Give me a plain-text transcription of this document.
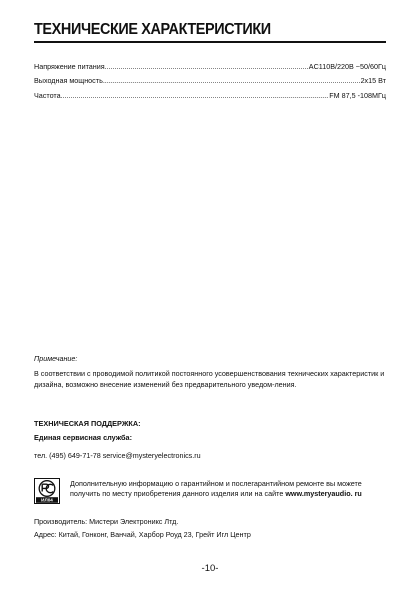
ТЕХНИЧЕСКИЕ ХАРАКТЕРИСТИКИ
Напряжение питания .....	AC110B/220B ~50/60Гц
Выходная мощность .....	2х15 Вт
Частота .....	FM 87,5 -108МГц
Примечание:
В соответствии с проводимой политикой постоянного усовершенствования технических характеристик и дизайна, возможно внесение изменений без предварительного уведом-ления.
ТЕХНИЧЕСКАЯ ПОДДЕРЖКА:
Единая сервисная служба:
тел. (495) 649-71-78 service@mysteryelectronics.ru
ИЛ04
Дополнительную информацию о гарантийном и послегарантийном ремонте вы можете получить по месту приобретения данного изделия или на сайте www.mysteryaudio. ru
Производитель: Мистери Электроникс Лтд.
Адрес: Китай, Гонконг, Ванчай, Харбор Роуд 23, Грейт Игл Центр
-10-
